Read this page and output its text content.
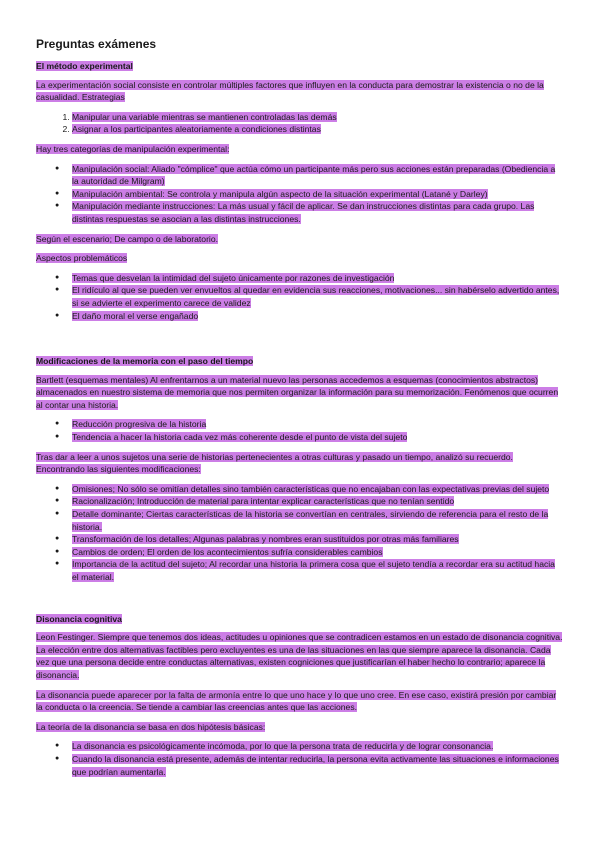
Preguntas exámenes
El método experimental

La experimentación social consiste en controlar múltiples factores que influyen en la conducta para demostrar la existencia o no de la casualidad. Estrategias

1. Manipular una variable mientras se mantienen controladas las demás
2. Asignar a los participantes aleatoriamente a condiciones distintas

Hay tres categorías de manipulación experimental:

● Manipulación social: Aliado "cómplice" que actúa cómo un participante más pero sus acciones están preparadas (Obediencia a la autoridad de Milgram)
● Manipulación ambiental: Se controla y manipula algún aspecto de la situación experimental (Latané y Darley)
● Manipulación mediante instrucciones: La más usual y fácil de aplicar. Se dan instrucciones distintas para cada grupo. Las distintas respuestas se asocian a las distintas instrucciones.

Según el escenario; De campo o de laboratorio.

Aspectos problemáticos

● Temas que desvelan la intimidad del sujeto únicamente por razones de investigación
● El ridículo al que se pueden ver envueltos al quedar en evidencia sus reacciones, motivaciones... sin habérselo advertido antes, si se advierte el experimento carece de validez
● El daño moral el verse engañado
Modificaciones de la memoria con el paso del tiempo

Bartlett (esquemas mentales) Al enfrentarnos a un material nuevo las personas accedemos a esquemas (conocimientos abstractos) almacenados en nuestro sistema de memoria que nos permiten organizar la información para su memorización. Fenómenos que ocurren al contar una historia.

● Reducción progresiva de la historia
● Tendencia a hacer la historia cada vez más coherente desde el punto de vista del sujeto

Tras dar a leer a unos sujetos una serie de historias pertenecientes a otras culturas y pasado un tiempo, analizó su recuerdo. Encontrando las siguientes modificaciones:

● Omisiones; No sólo se omitían detalles sino también características que no encajaban con las expectativas previas del sujeto
● Racionalización; Introducción de material para intentar explicar características que no tenían sentido
● Detalle dominante; Ciertas características de la historia se convertían en centrales, sirviendo de referencia para el resto de la historia.
● Transformación de los detalles; Algunas palabras y nombres eran sustituidos por otras más familiares
● Cambios de orden; El orden de los acontecimientos sufría considerables cambios
● Importancia de la actitud del sujeto; Al recordar una historia la primera cosa que el sujeto tendía a recordar era su actitud hacia el material.
Disonancia cognitiva

Leon Festinger. Siempre que tenemos dos ideas, actitudes u opiniones que se contradicen estamos en un estado de disonancia cognitiva. La elección entre dos alternativas factibles pero excluyentes es una de las situaciones en las que siempre aparece la disonancia. Cada vez que una persona decide entre conductas alternativas, existen cogniciones que justificarían el haber hecho lo contrario; aparece la disonancia.

La disonancia puede aparecer por la falta de armonía entre lo que uno hace y lo que uno cree. En ese caso, existirá presión por cambiar la conducta o la creencia. Se tiende a cambiar las creencias antes que las acciones.

La teoría de la disonancia se basa en dos hipótesis básicas:

● La disonancia es psicológicamente incómoda, por lo que la persona trata de reducirla y de lograr consonancia.
● Cuando la disonancia está presente, además de intentar reducirla, la persona evita activamente las situaciones e informaciones que podrían aumentarla.
